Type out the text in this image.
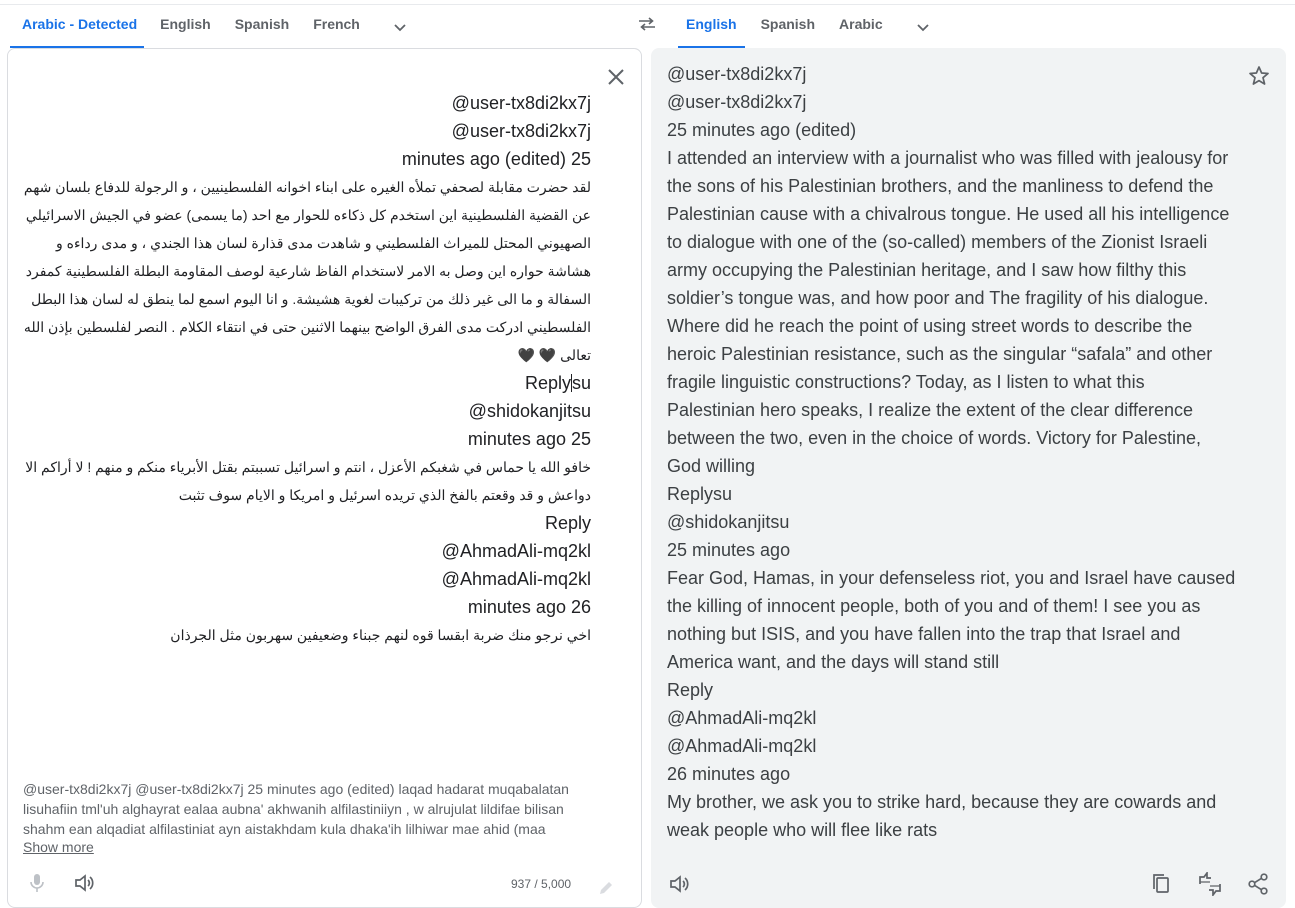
Arabic - Detected	English	Spanish	French	English	Spanish	Arabic
user-tx8di2kx7j@
user-tx8di2kx7j@
minutes ago (edited) 25
لقد حضرت مقابلة لصحفي تملأه الغيره على ابناء اخوانه الفلسطينيين ، و الرجولة للدفاع بلسان شهم عن القضية الفلسطينية اين استخدم كل ذكاءه للحوار مع احد (ما يسمى) عضو في الجيش الاسرائيلي الصهيوني المحتل للميراث الفلسطيني و شاهدت مدى قذارة لسان هذا الجندي ، و مدى رداءه و هشاشة حواره اين وصل به الامر لاستخدام الفاظ شارعية لوصف المقاومة البطلة الفلسطينية كمفرد السفالة و ما الى غير ذلك من تركيبات لغوية هشيشة. و انا اليوم اسمع لما ينطق له لسان هذا البطل الفلسطيني ادركت مدى الفرق الواضح بينهما الاثنين حتى في انتقاء الكلام . النصر لفلسطين بإذن الله تعالى 🖤 🖤
Replysu
shidokanjitsu@
minutes ago 25
خافو الله يا حماس في شغبكم الأعزل ، انتم و اسرائيل تسببتم بقتل الأبرياء منكم و منهم ! لا أراكم الا دواعش و قد وقعتم بالفخ الذي تريده اسرئيل و امريكا و الايام سوف تثبت
Reply
AhmadAli-mq2kl@
AhmadAli-mq2kl@
minutes ago 26
اخي نرجو منك ضربة ابقسا قوه لنهم جبناء وضعيفين سهربون مثل الجرذان
@user-tx8di2kx7j @user-tx8di2kx7j 25 minutes ago (edited) laqad hadarat muqabalatan lisuhafiin tml'uh alghayrat ealaa aubna' akhwanih alfilastiniiyn , w alrujulat lildifae bilisan shahm ean alqadiat alfilastiniat ayn aistakhdam kula dhaka'ih lilhiwar mae ahid (maa
Show more
937 / 5,000
@user-tx8di2kx7j
@user-tx8di2kx7j
25 minutes ago (edited)
I attended an interview with a journalist who was filled with jealousy for
the sons of his Palestinian brothers, and the manliness to defend the
Palestinian cause with a chivalrous tongue. He used all his intelligence
to dialogue with one of the (so-called) members of the Zionist Israeli
army occupying the Palestinian heritage, and I saw how filthy this
soldier’s tongue was, and how poor and The fragility of his dialogue.
Where did he reach the point of using street words to describe the
heroic Palestinian resistance, such as the singular “safala” and other
fragile linguistic constructions? Today, as I listen to what this
Palestinian hero speaks, I realize the extent of the clear difference
between the two, even in the choice of words. Victory for Palestine,
God willing
Replysu
@shidokanjitsu
25 minutes ago
Fear God, Hamas, in your defenseless riot, you and Israel have caused
the killing of innocent people, both of you and of them! I see you as
nothing but ISIS, and you have fallen into the trap that Israel and
America want, and the days will stand still
Reply
@AhmadAli-mq2kl
@AhmadAli-mq2kl
26 minutes ago
My brother, we ask you to strike hard, because they are cowards and
weak people who will flee like rats
